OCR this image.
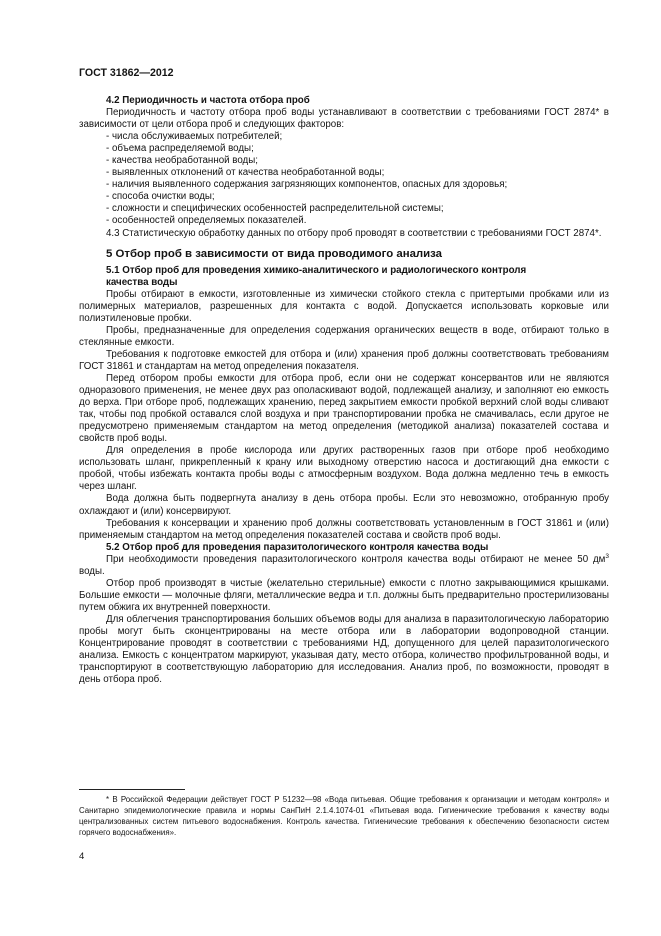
ГОСТ 31862—2012

4.2 Периодичность и частота отбора проб

Периодичность и частоту отбора проб воды устанавливают в соответствии с требованиями ГОСТ 2874* в зависимости от цели отбора проб и следующих факторов:

- числа обслуживаемых потребителей;
- объема распределяемой воды;
- качества необработанной воды;
- выявленных отклонений от качества необработанной воды;
- наличия выявленного содержания загрязняющих компонентов, опасных для здоровья;
- способа очистки воды;
- сложности и специфических особенностей распределительной системы;
- особенностей определяемых показателей.

4.3 Статистическую обработку данных по отбору проб проводят в соответствии с требованиями ГОСТ 2874*.

5 Отбор проб в зависимости от вида проводимого анализа

5.1 Отбор проб для проведения химико-аналитического и радиологического контроля

качества воды

Пробы отбирают в емкости, изготовленные из химически стойкого стекла с притертыми пробками или из полимерных материалов, разрешенных для контакта с водой. Допускается использовать корковые или полиэтиленовые пробки.

Пробы, предназначенные для определения содержания органических веществ в воде, отбирают только в стеклянные емкости.

Требования к подготовке емкостей для отбора и (или) хранения проб должны соответствовать требованиям ГОСТ 31861 и стандартам на метод определения показателя.

Перед отбором пробы емкости для отбора проб, если они не содержат консервантов или не являются одноразового применения, не менее двух раз ополаскивают водой, подлежащей анализу, и заполняют ею емкость до верха. При отборе проб, подлежащих хранению, перед закрытием емкости пробкой верхний слой воды сливают так, чтобы под пробкой оставался слой воздуха и при транспортировании пробка не смачивалась, если другое не предусмотрено применяемым стандартом на метод определения (методикой анализа) показателей состава и свойств проб воды.

Для определения в пробе кислорода или других растворенных газов при отборе проб необходимо использовать шланг, прикрепленный к крану или выходному отверстию насоса и достигающий дна емкости с пробой, чтобы избежать контакта пробы воды с атмосферным воздухом. Вода должна медленно течь в емкость через шланг.

Вода должна быть подвергнута анализу в день отбора пробы. Если это невозможно, отобранную пробу охлаждают и (или) консервируют.

Требования к консервации и хранению проб должны соответствовать установленным в ГОСТ 31861 и (или) применяемым стандартом на метод определения показателей состава и свойств проб воды.

5.2 Отбор проб для проведения паразитологического контроля качества воды

При необходимости проведения паразитологического контроля качества воды отбирают не менее 50 $дм^3$ воды.

Отбор проб производят в чистые (желательно стерильные) емкости с плотно закрывающимися крышками. Большие емкости — молочные фляги, металлические ведра и т.п. должны быть предварительно простерилизованы путем обжига их внутренней поверхности.

Для облегчения транспортирования больших объемов воды для анализа в паразитологическую лабораторию пробы могут быть сконцентрированы на месте отбора или в лаборатории водопроводной станции. Концентрирование проводят в соответствии с требованиями НД, допущенного для целей паразитологического анализа. Емкость с концентратом маркируют, указывая дату, место отбора, количество профильтрованной воды, и транспортируют в соответствующую лабораторию для исследования. Анализ проб, по возможности, проводят в день отбора проб.

* В Российской Федерации действует ГОСТ Р 51232—98 «Вода питьевая. Общие требования к организации и методам контроля» и Санитарно эпидемиологические правила и нормы СанПиН 2.1.4.1074-01 «Питьевая вода. Гигиенические требования к качеству воды централизованных систем питьевого водоснабжения. Контроль качества. Гигиенические требования к обеспечению безопасности систем горячего водоснабжения».

4
